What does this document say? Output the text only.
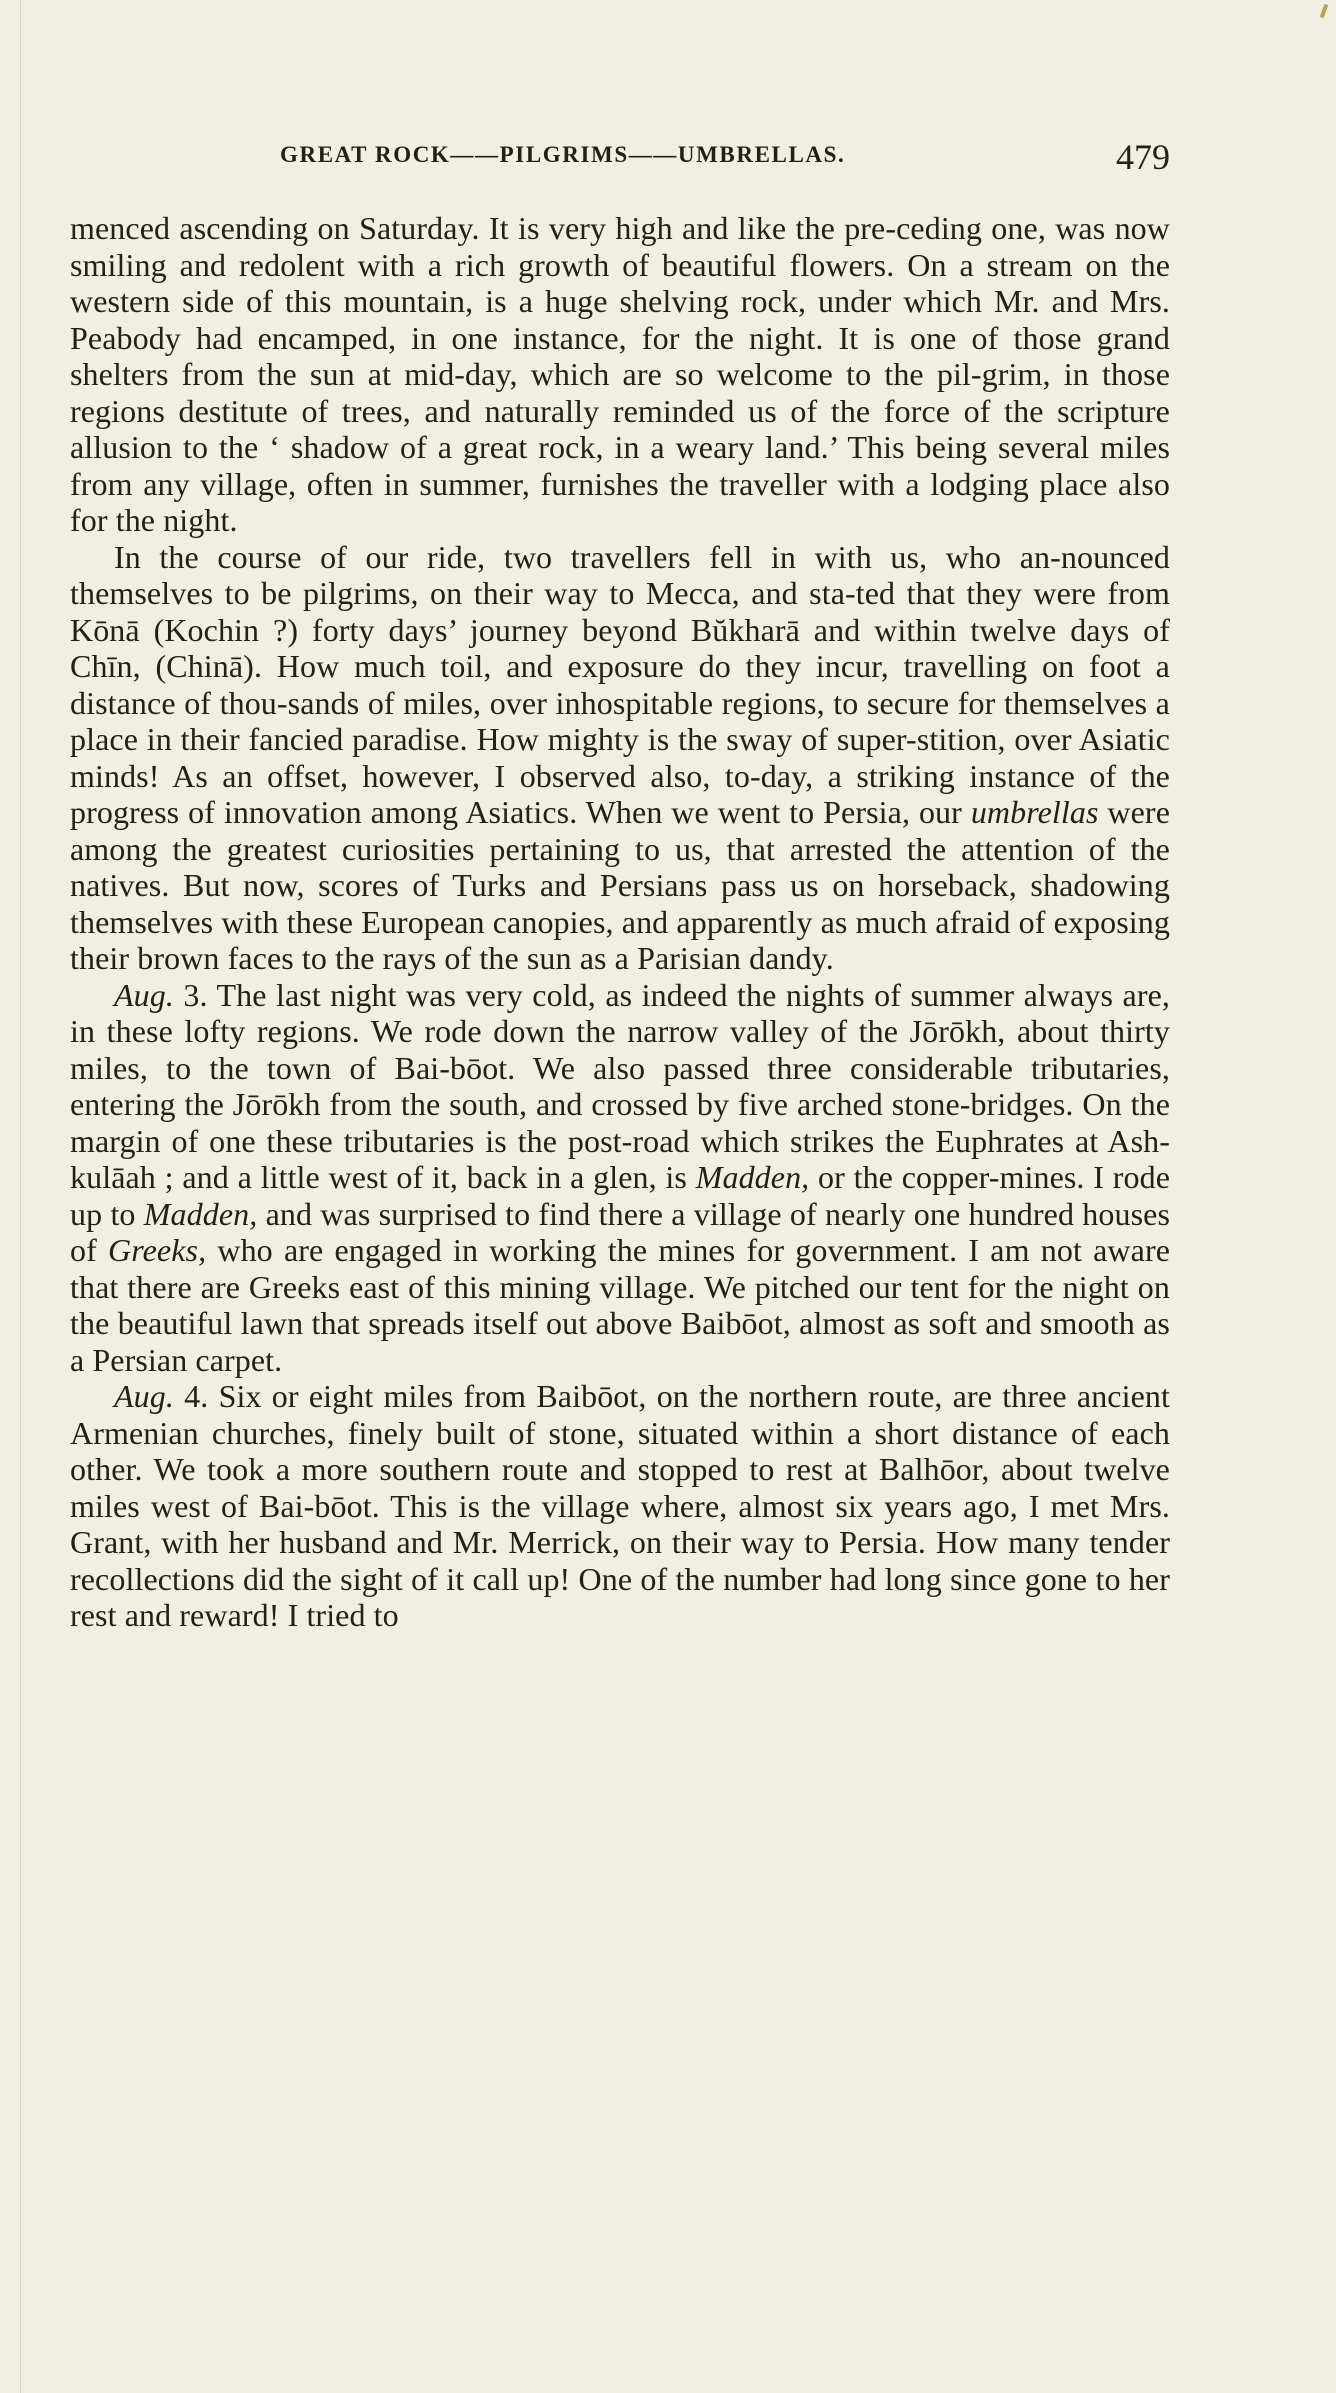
GREAT ROCK——PILGRIMS——UMBRELLAS.	479

menced ascending on Saturday. It is very high and like the pre-ceding one, was now smiling and redolent with a rich growth of beautiful flowers. On a stream on the western side of this mountain, is a huge shelving rock, under which Mr. and Mrs. Peabody had encamped, in one instance, for the night. It is one of those grand shelters from the sun at mid-day, which are so welcome to the pil-grim, in those regions destitute of trees, and naturally reminded us of the force of the scripture allusion to the ‘ shadow of a great rock, in a weary land.’ This being several miles from any village, often in summer, furnishes the traveller with a lodging place also for the night.

In the course of our ride, two travellers fell in with us, who an-nounced themselves to be pilgrims, on their way to Mecca, and sta-ted that they were from Kōnā (Kochin ?) forty days’ journey beyond Bŭkharā and within twelve days of Chīn, (Chinā). How much toil, and exposure do they incur, travelling on foot a distance of thou-sands of miles, over inhospitable regions, to secure for themselves a place in their fancied paradise. How mighty is the sway of super-stition, over Asiatic minds! As an offset, however, I observed also, to-day, a striking instance of the progress of innovation among Asiatics. When we went to Persia, our umbrellas were among the greatest curiosities pertaining to us, that arrested the attention of the natives. But now, scores of Turks and Persians pass us on horseback, shadowing themselves with these European canopies, and apparently as much afraid of exposing their brown faces to the rays of the sun as a Parisian dandy.

Aug. 3. The last night was very cold, as indeed the nights of summer always are, in these lofty regions. We rode down the narrow valley of the Jōrōkh, about thirty miles, to the town of Bai-bōot. We also passed three considerable tributaries, entering the Jōrōkh from the south, and crossed by five arched stone-bridges. On the margin of one these tributaries is the post-road which strikes the Euphrates at Ash-kulāah ; and a little west of it, back in a glen, is Madden, or the copper-mines. I rode up to Madden, and was surprised to find there a village of nearly one hundred houses of Greeks, who are engaged in working the mines for government. I am not aware that there are Greeks east of this mining village. We pitched our tent for the night on the beautiful lawn that spreads itself out above Baibōot, almost as soft and smooth as a Persian carpet.

Aug. 4. Six or eight miles from Baibōot, on the northern route, are three ancient Armenian churches, finely built of stone, situated within a short distance of each other. We took a more southern route and stopped to rest at Balhōor, about twelve miles west of Bai-bōot. This is the village where, almost six years ago, I met Mrs. Grant, with her husband and Mr. Merrick, on their way to Persia. How many tender recollections did the sight of it call up! One of the number had long since gone to her rest and reward! I tried to
